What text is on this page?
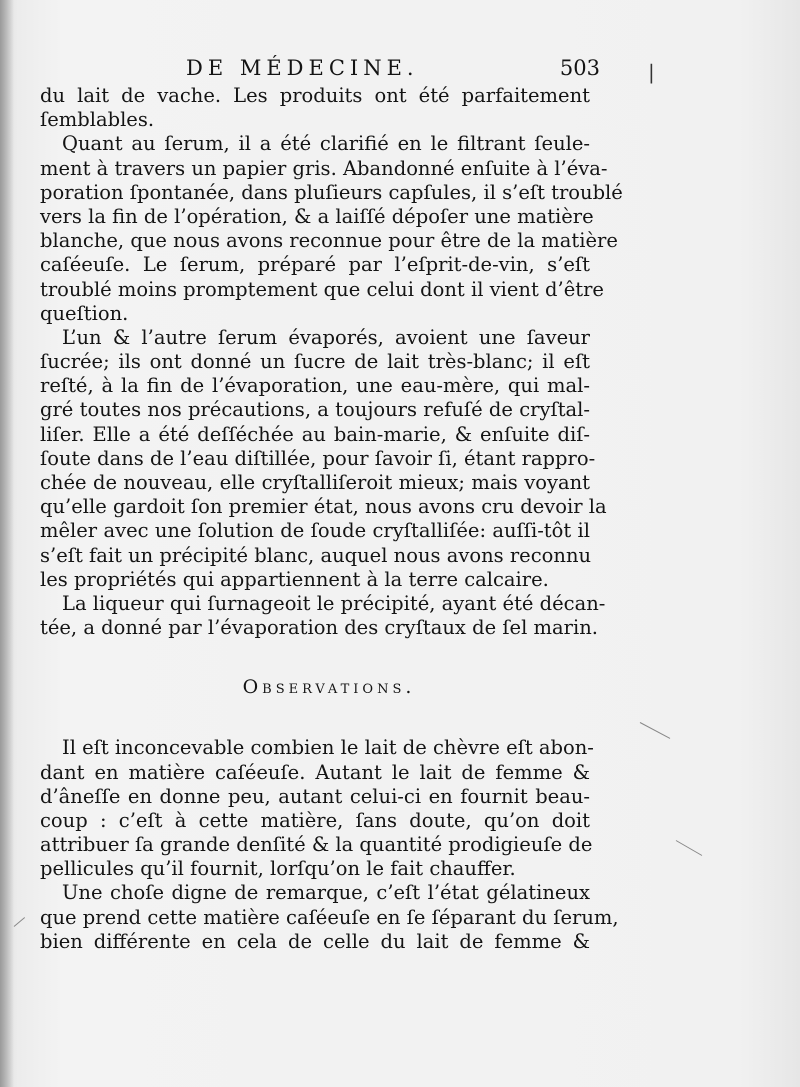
DE MÉDECINE.	503 |
du lait de vache. Les produits ont été parfaitement
ſemblables.
Quant au ſerum, il a été clarifié en le filtrant ſeule-
ment à travers un papier gris. Abandonné enſuite à l’éva-
poration ſpontanée, dans pluſieurs capſules, il s’eſt troublé
vers la fin de l’opération, & a laiſſé dépoſer une matière
blanche, que nous avons reconnue pour être de la matière
caſéeuſe. Le ſerum, préparé par l’eſprit-de-vin, s’eſt
troublé moins promptement que celui dont il vient d’être
queſtion.
L’un & l’autre ſerum évaporés, avoient une ſaveur
ſucrée; ils ont donné un ſucre de lait très-blanc; il eſt
reſté, à la fin de l’évaporation, une eau-mère, qui mal-
gré toutes nos précautions, a toujours refuſé de cryſtal-
liſer. Elle a été deſſéchée au bain-marie, & enſuite diſ-
ſoute dans de l’eau diſtillée, pour ſavoir ſi, étant rappro-
chée de nouveau, elle cryſtalliſeroit mieux; mais voyant
qu’elle gardoit ſon premier état, nous avons cru devoir la
mêler avec une ſolution de ſoude cryſtalliſée: auſſi-tôt il
s’eſt fait un précipité blanc, auquel nous avons reconnu
les propriétés qui appartiennent à la terre calcaire.
La liqueur qui ſurnageoit le précipité, ayant été décan-
tée, a donné par l’évaporation des cryſtaux de ſel marin.
Observations.
Il eſt inconcevable combien le lait de chèvre eſt abon-
dant en matière caſéeuſe. Autant le lait de femme &
d’âneſſe en donne peu, autant celui-ci en fournit beau-
coup : c’eſt à cette matière, ſans doute, qu’on doit
attribuer ſa grande denſité & la quantité prodigieuſe de
pellicules qu’il fournit, lorſqu’on le fait chauffer.
Une choſe digne de remarque, c’eſt l’état gélatineux
que prend cette matière caſéeuſe en ſe ſéparant du ſerum,
bien différente en cela de celle du lait de femme &
